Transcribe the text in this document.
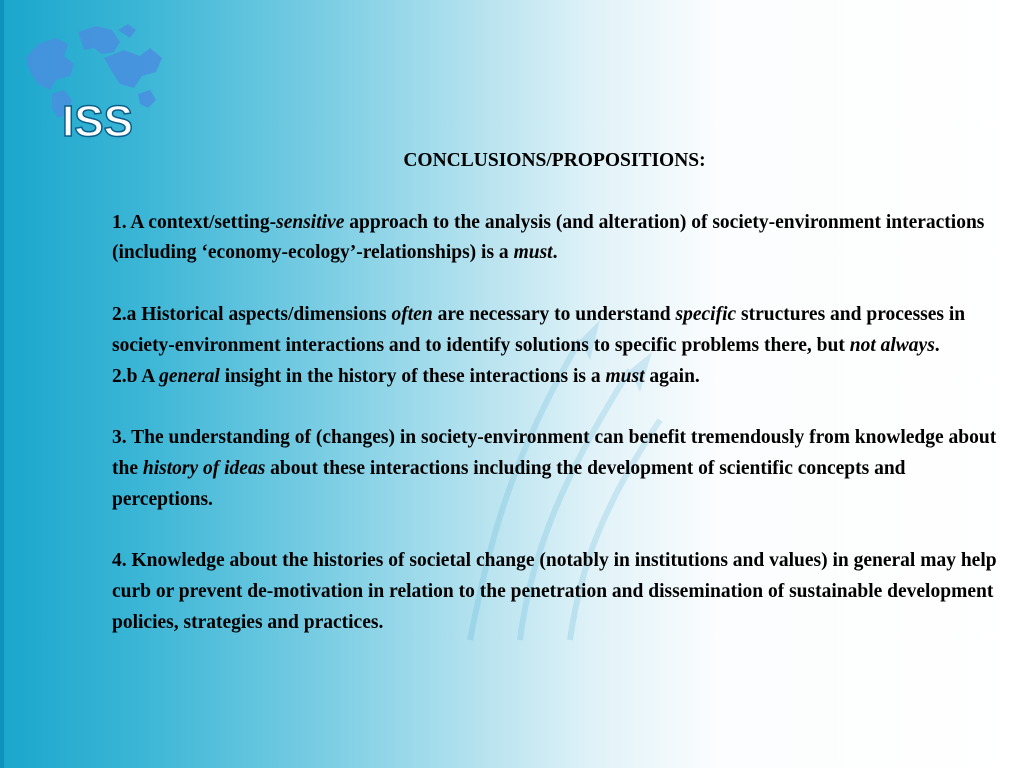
ISS
CONCLUSIONS/PROPOSITIONS:

1. A context/setting-sensitive approach to the analysis (and alteration) of society-environment interactions (including ‘economy-ecology’-relationships) is a must.

2.a Historical aspects/dimensions often are necessary to understand specific structures and processes in society-environment interactions and to identify solutions to specific problems there, but not always.

2.b A general insight in the history of these interactions is a must again.

3. The understanding of (changes) in society-environment can benefit tremendously from knowledge about the history of ideas about these interactions including the development of scientific concepts and perceptions.

4. Knowledge about the histories of societal change (notably in institutions and values) in general may help curb or prevent de-motivation in relation to the penetration and dissemination of sustainable development policies, strategies and practices.
